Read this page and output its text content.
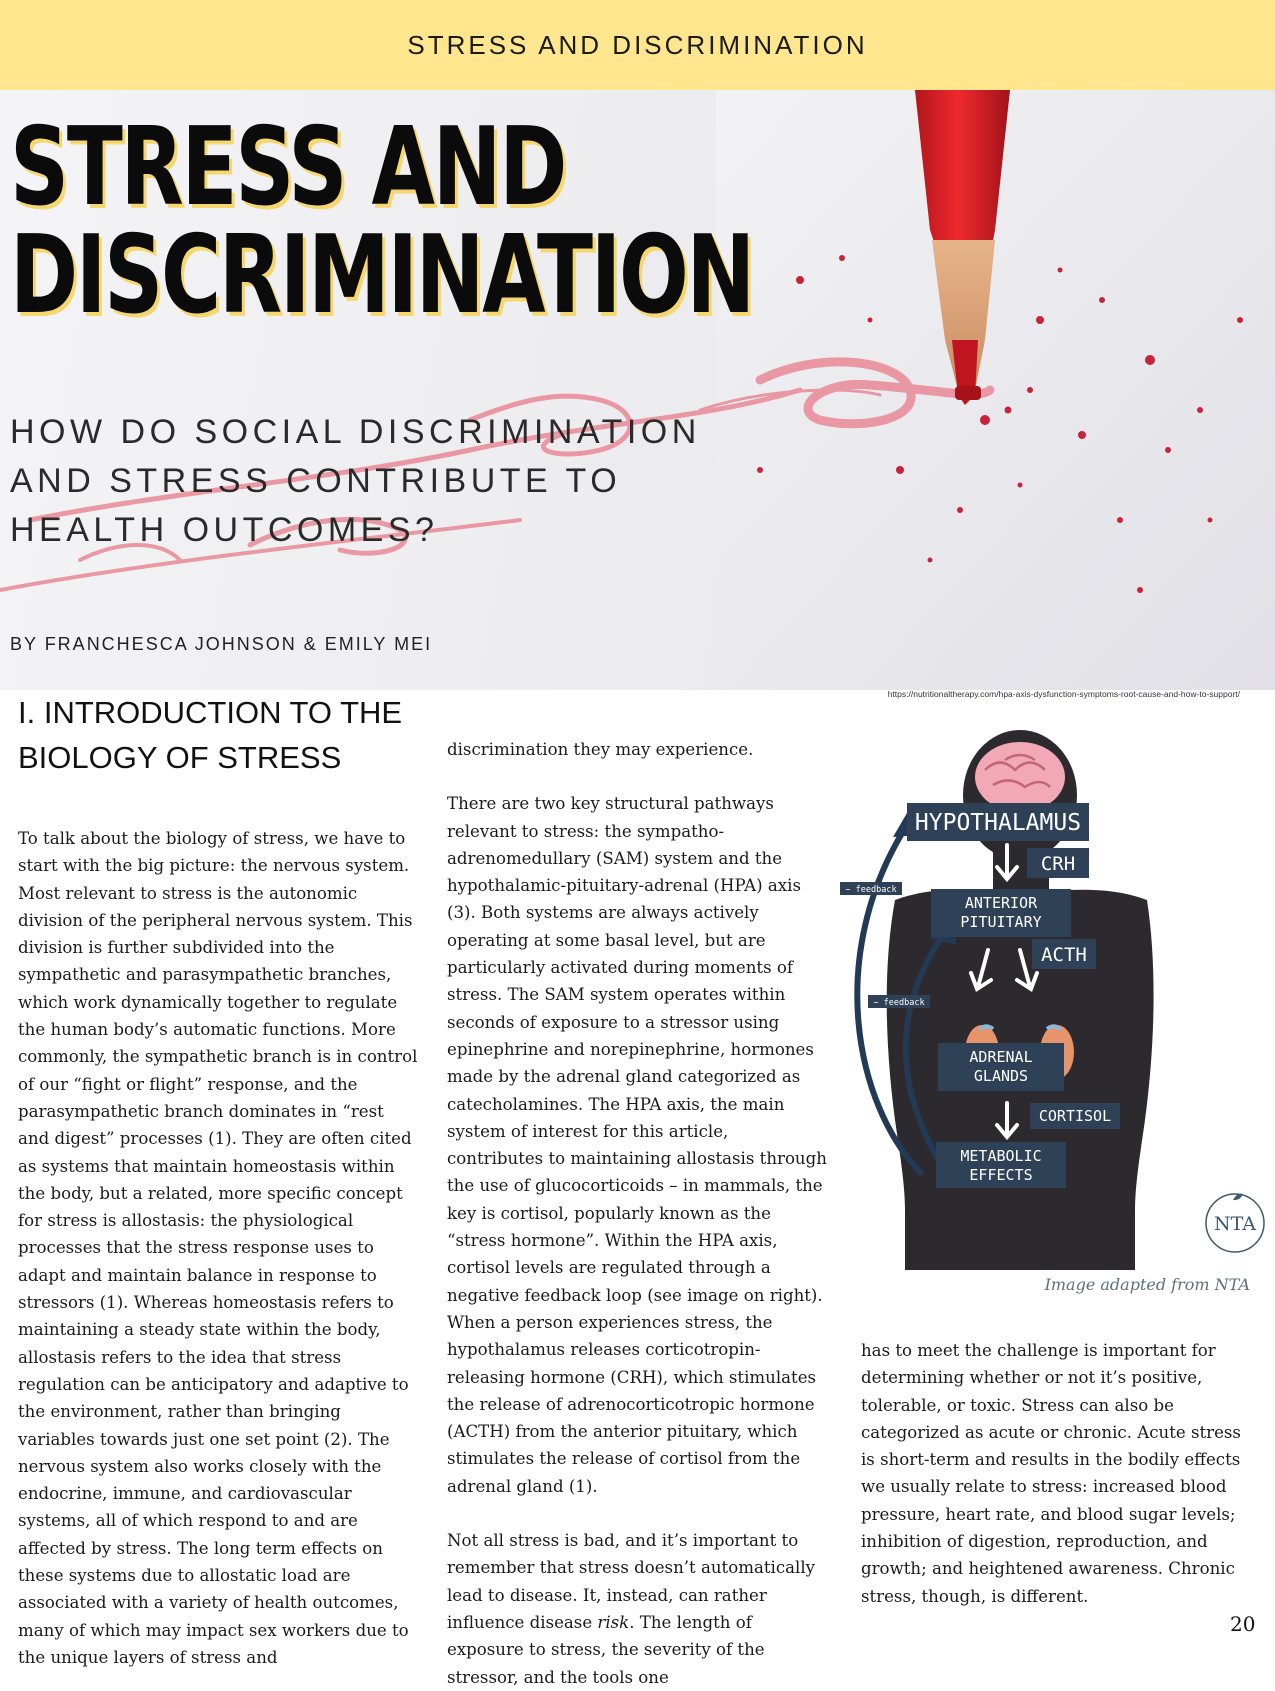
STRESS AND DISCRIMINATION
STRESS AND
DISCRIMINATION
HOW DO SOCIAL DISCRIMINATION AND STRESS CONTRIBUTE TO HEALTH OUTCOMES?

BY FRANCHESCA JOHNSON & EMILY MEI

https://nutritionaltherapy.com/hpa-axis-dysfunction-symptoms-root-cause-and-how-to-support/
I. INTRODUCTION TO THE BIOLOGY OF STRESS

To talk about the biology of stress, we have to start with the big picture: the nervous system. Most relevant to stress is the autonomic division of the peripheral nervous system. This division is further subdivided into the sympathetic and parasympathetic branches, which work dynamically together to regulate the human body’s automatic functions. More commonly, the sympathetic branch is in control of our “fight or flight” response, and the parasympathetic branch dominates in “rest and digest” processes (1). They are often cited as systems that maintain homeostasis within the body, but a related, more specific concept for stress is allostasis: the physiological processes that the stress response uses to adapt and maintain balance in response to stressors (1). Whereas homeostasis refers to maintaining a steady state within the body, allostasis refers to the idea that stress regulation can be anticipatory and adaptive to the environment, rather than bringing variables towards just one set point (2). The nervous system also works closely with the endocrine, immune, and cardiovascular systems, all of which respond to and are affected by stress. The long term effects on these systems due to allostatic load are associated with a variety of health outcomes, many of which may impact sex workers due to the unique layers of stress and

discrimination they may experience.

There are two key structural pathways relevant to stress: the sympatho-adrenomedullary (SAM) system and the hypothalamic-pituitary-adrenal (HPA) axis (3). Both systems are always actively operating at some basal level, but are particularly activated during moments of stress. The SAM system operates within seconds of exposure to a stressor using epinephrine and norepinephrine, hormones made by the adrenal gland categorized as catecholamines. The HPA axis, the main system of interest for this article, contributes to maintaining allostasis through the use of glucocorticoids – in mammals, the key is cortisol, popularly known as the “stress hormone”. Within the HPA axis, cortisol levels are regulated through a negative feedback loop (see image on right). When a person experiences stress, the hypothalamus releases corticotropin-releasing hormone (CRH), which stimulates the release of adrenocorticotropic hormone (ACTH) from the anterior pituitary, which stimulates the release of cortisol from the adrenal gland (1).

Not all stress is bad, and it’s important to remember that stress doesn’t automatically lead to disease. It, instead, can rather influence disease risk. The length of exposure to stress, the severity of the stressor, and the tools one

HYPOTHALAMUS
CRH
ANTERIOR
PITUITARY
ACTH
ADRENAL
GLANDS
CORTISOL
METABOLIC
EFFECTS
− feedback
− feedback
NTA
Image adapted from NTA

has to meet the challenge is important for determining whether or not it’s positive, tolerable, or toxic. Stress can also be categorized as acute or chronic. Acute stress is short-term and results in the bodily effects we usually relate to stress: increased blood pressure, heart rate, and blood sugar levels; inhibition of digestion, reproduction, and growth; and heightened awareness. Chronic stress, though, is different.

20
